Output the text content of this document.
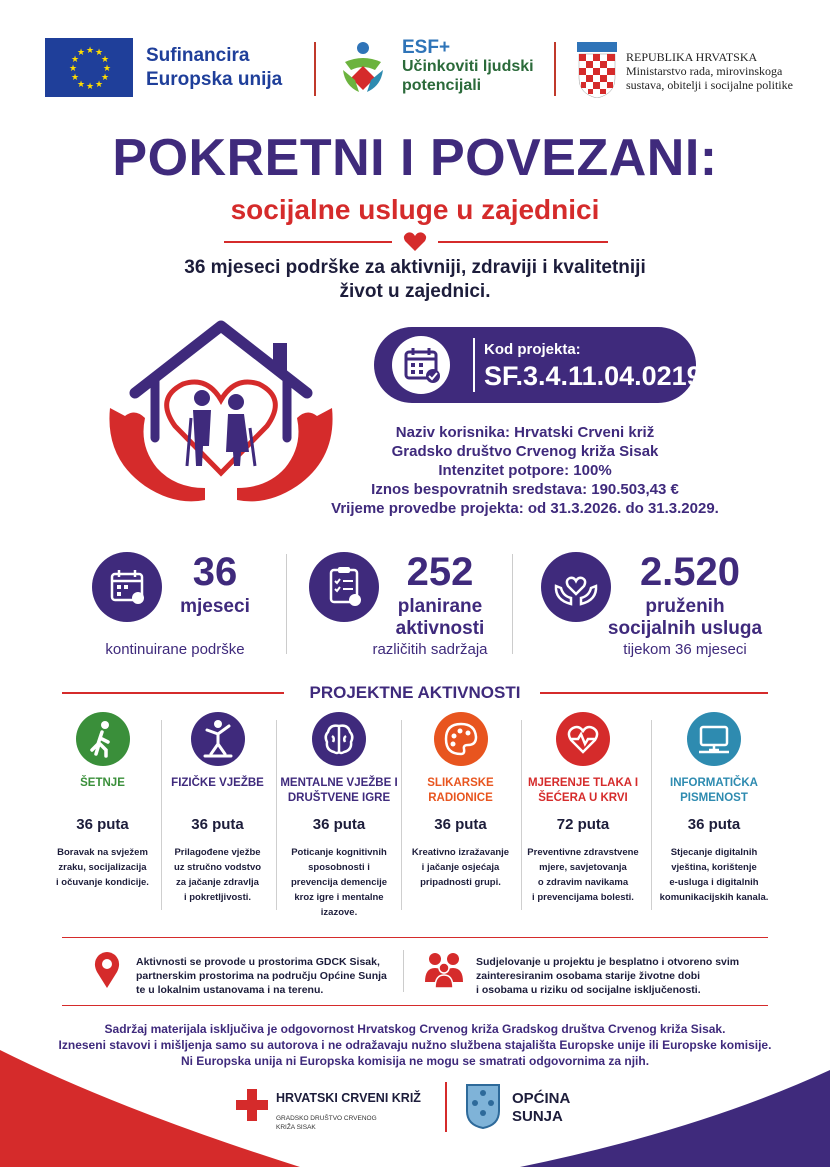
★ ★
★
★
★
★
★
★
★
★
★
★	Sufinancira
Europska unija
ESF+
Učinkoviti ljudski
potencijali
REPUBLIKA HRVATSKA
Ministarstvo rada, mirovinskoga
sustava, obitelji i socijalne politike
POKRETNI I POVEZANI:
socijalne usluge u zajednici
36 mjeseci podrške za aktivniji, zdraviji i kvalitetniji
život u zajednici.
Kod projekta:
SF.3.4.11.04.0219
Naziv korisnika: Hrvatski Crveni križ
Gradsko društvo Crvenog križa Sisak
Intenzitet potpore: 100%
Iznos bespovratnih sredstava: 190.503,43 €
Vrijeme provedbe projekta: od 31.3.2026. do 31.3.2029.
36
mjeseci
kontinuirane podrške
252
planirane
aktivnosti
različitih sadržaja
2.520
pruženih
socijalnih usluga
tijekom 36 mjeseci
PROJEKTNE AKTIVNOSTI
ŠETNJE
36 puta
Boravak na svježem
zraku, socijalizacija
i očuvanje kondicije.
FIZIČKE VJEŽBE
36 puta
Prilagođene vježbe
uz stručno vodstvo
za jačanje zdravlja
i pokretljivosti.
MENTALNE VJEŽBE I DRUŠTVENE IGRE
36 puta
Poticanje kognitivnih
sposobnosti i
prevencija demencije
kroz igre i mentalne
izazove.
SLIKARSKE RADIONICE
36 puta
Kreativno izražavanje
i jačanje osjećaja
pripadnosti grupi.
MJERENJE TLAKA I ŠEĆERA U KRVI
72 puta
Preventivne zdravstvene
mjere, savjetovanja
o zdravim navikama
i prevencijama bolesti.
INFORMATIČKA PISMENOST
36 puta
Stjecanje digitalnih
vještina, korištenje
e-usluga i digitalnih
komunikacijskih kanala.
Aktivnosti se provode u prostorima GDCK Sisak,
partnerskim prostorima na području Općine Sunja
te u lokalnim ustanovama i na terenu.
Sudjelovanje u projektu je besplatno i otvoreno svim
zainteresiranim osobama starije životne dobi
i osobama u riziku od socijalne isključenosti.
Sadržaj materijala isključiva je odgovornost Hrvatskog Crvenog križa Gradskog društva Crvenog križa Sisak.
Izneseni stavovi i mišljenja samo su autorova i ne odražavaju nužno službena stajališta Europske unije ili Europske komisije.
Ni Europska unija ni Europska komisija ne mogu se smatrati odgovornima za njih.
HRVATSKI CRVENI KRIŽ
GRADSKO DRUŠTVO CRVENOG KRIŽA SISAK
OPĆINA
SUNJA
